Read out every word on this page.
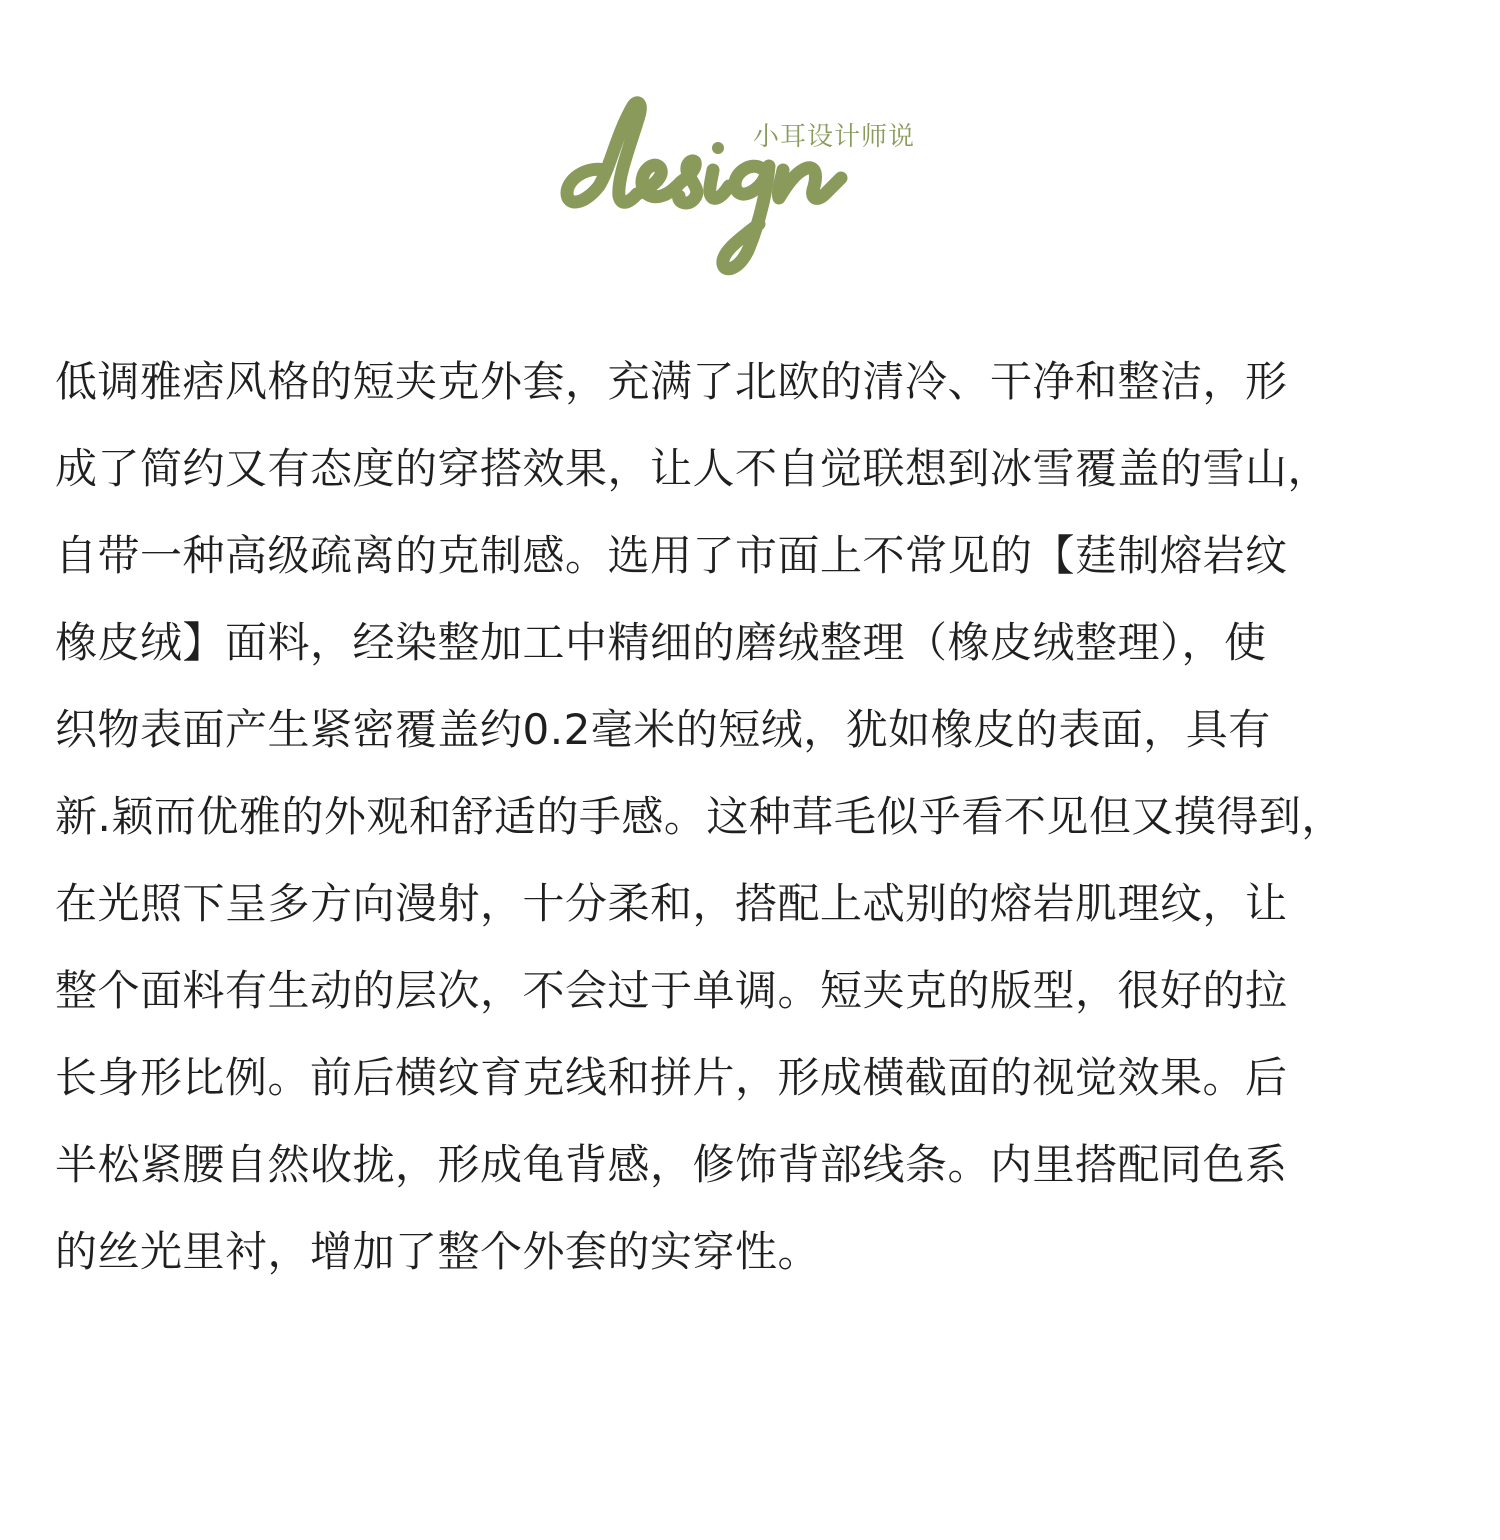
小耳设计师说
低调雅痞风格的短夹克外套，充满了北欧的清冷、干净和整洁，形
成了简约又有态度的穿搭效果，让人不自觉联想到冰雪覆盖的雪山，
自带一种高级疏离的克制感。选用了市面上不常见的【莛制熔岩纹
橡皮绒】面料，经染整加工中精细的磨绒整理（橡皮绒整理），使
织物表面产生紧密覆盖约0.2毫米的短绒，犹如橡皮的表面，具有
新.颖而优雅的外观和舒适的手感。这种茸毛似乎看不见但又摸得到，
在光照下呈多方向漫射，十分柔和，搭配上忒别的熔岩肌理纹，让
整个面料有生动的层次，不会过于单调。短夹克的版型，很好的拉
长身形比例。前后横纹育克线和拼片，形成横截面的视觉效果。后
半松紧腰自然收拢，形成龟背感，修饰背部线条。内里搭配同色系
的丝光里衬，增加了整个外套的实穿性。
